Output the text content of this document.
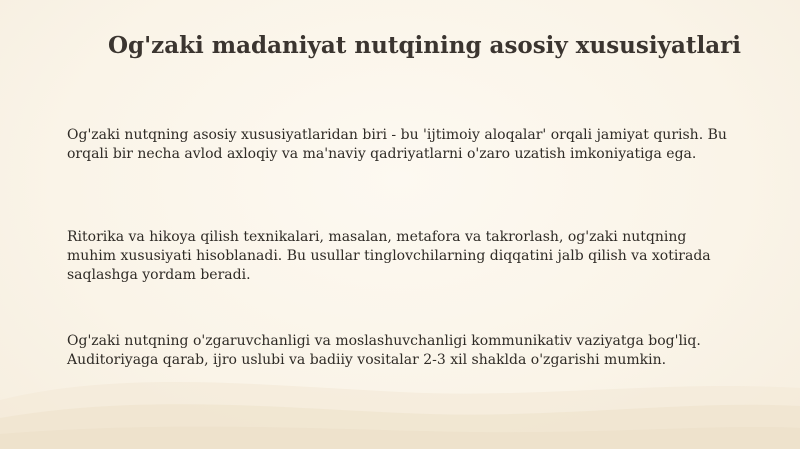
Og'zaki madaniyat nutqining asosiy xususiyatlari

Og'zaki nutqning asosiy xususiyatlaridan biri - bu 'ijtimoiy aloqalar' orqali jamiyat qurish. Bu
orqali bir necha avlod axloqiy va ma'naviy qadriyatlarni o'zaro uzatish imkoniyatiga ega.

Ritorika va hikoya qilish texnikalari, masalan, metafora va takrorlash, og'zaki nutqning
muhim xususiyati hisoblanadi. Bu usullar tinglovchilarning diqqatini jalb qilish va xotirada
saqlashga yordam beradi.

Og'zaki nutqning o'zgaruvchanligi va moslashuvchanligi kommunikativ vaziyatga bog'liq.
Auditoriyaga qarab, ijro uslubi va badiiy vositalar 2-3 xil shaklda o'zgarishi mumkin.
